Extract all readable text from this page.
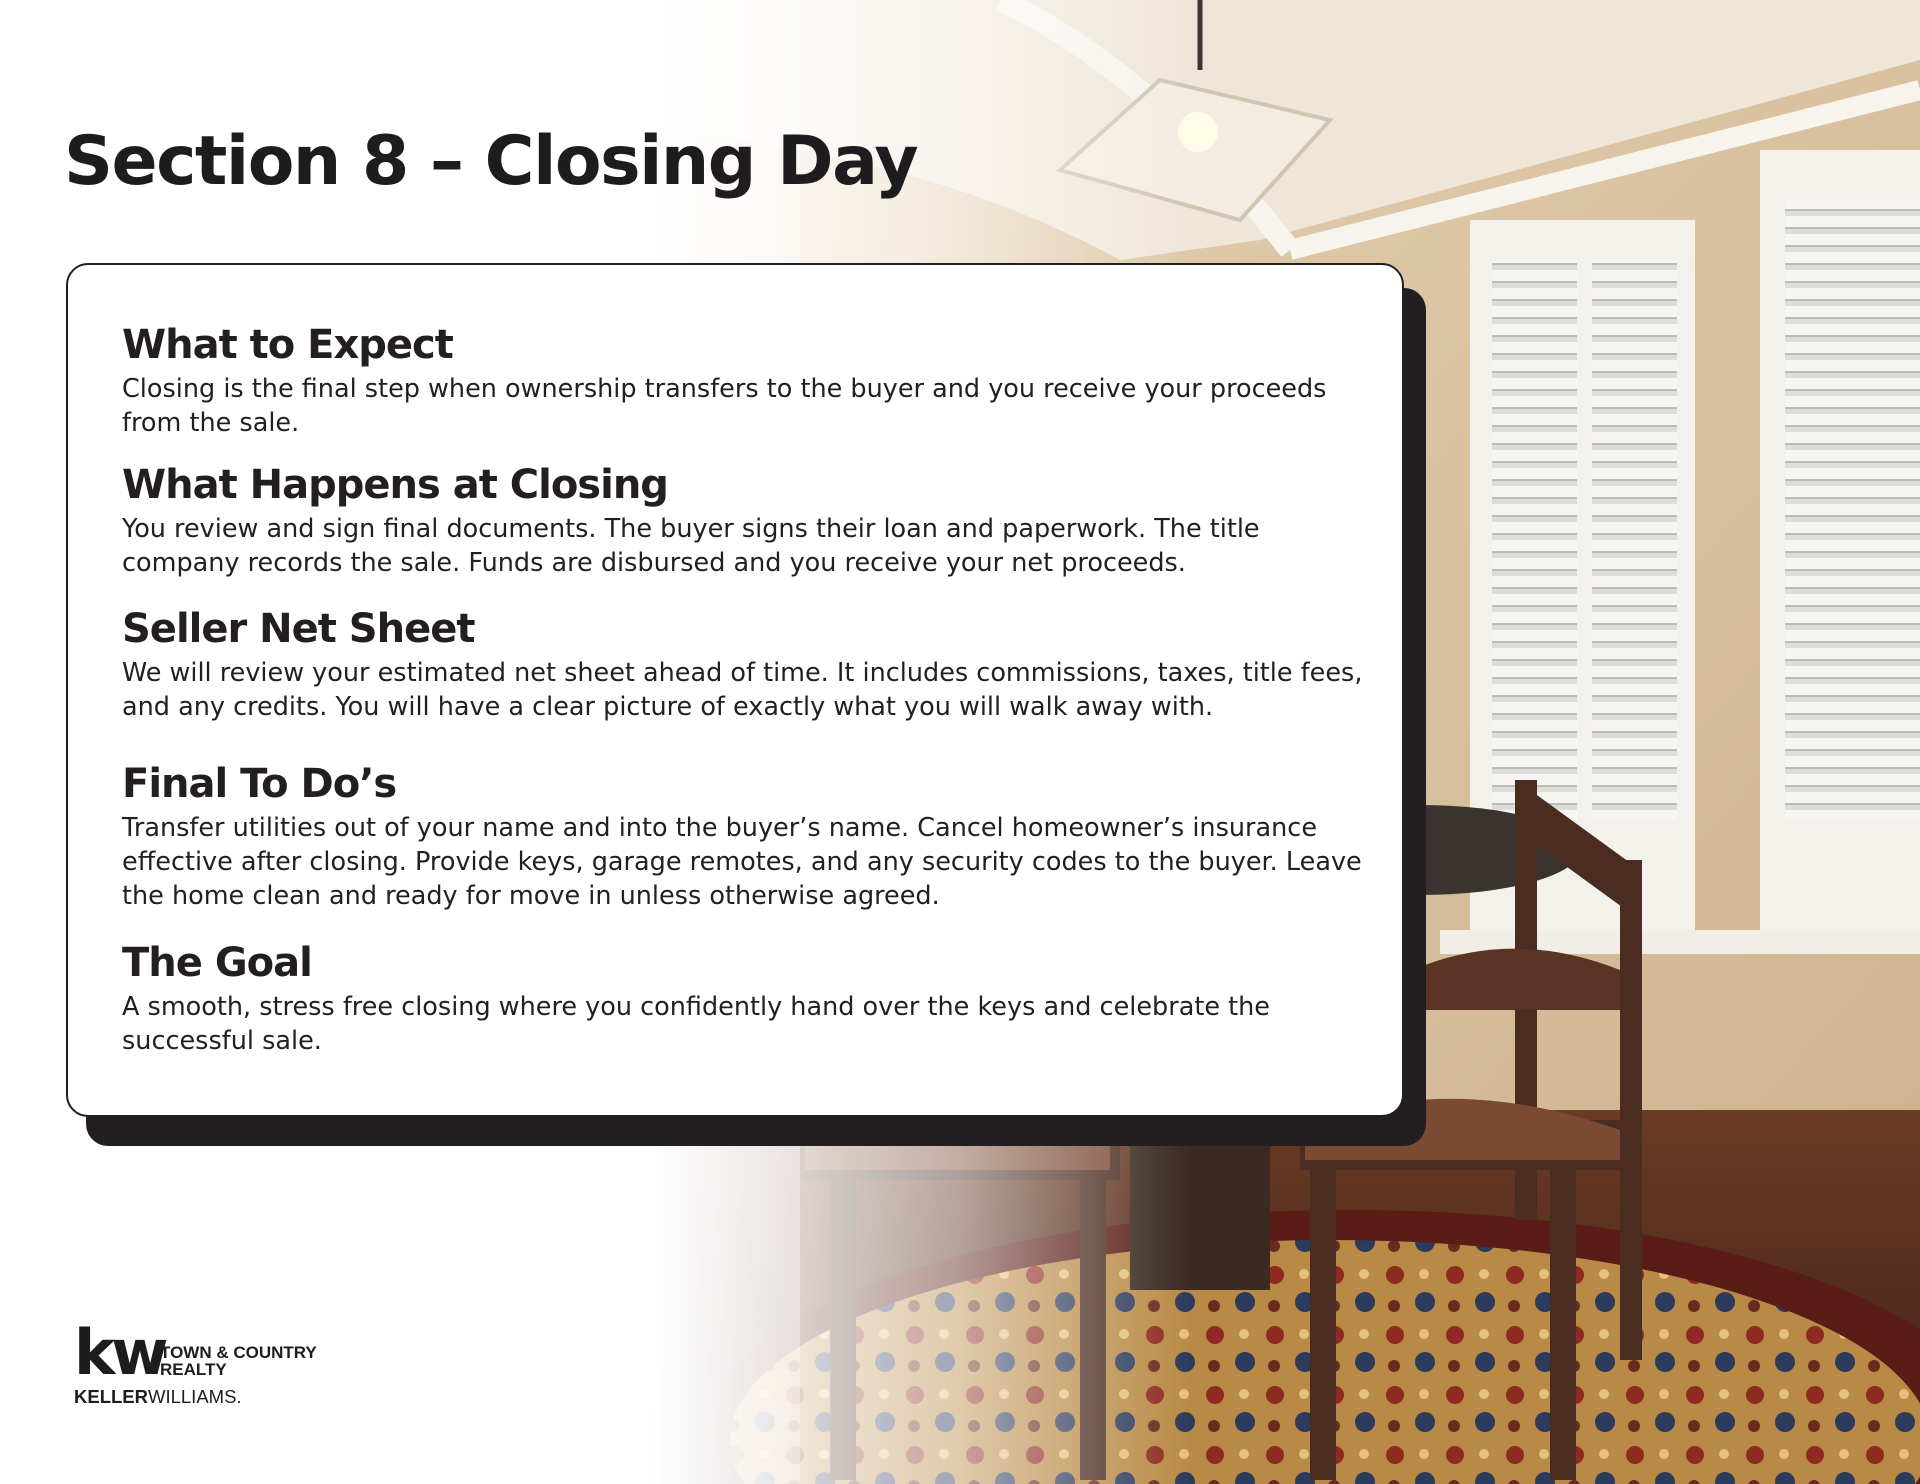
Section 8 – Closing Day
What to Expect

Closing is the final step when ownership transfers to the buyer and you receive your proceeds from the sale.

What Happens at Closing

You review and sign final documents. The buyer signs their loan and paperwork. The title company records the sale. Funds are disbursed and you receive your net proceeds.

Seller Net Sheet

We will review your estimated net sheet ahead of time. It includes commissions, taxes, title fees, and any credits. You will have a clear picture of exactly what you will walk away with.

Final To Do’s

Transfer utilities out of your name and into the buyer’s name. Cancel homeowner’s insurance effective after closing. Provide keys, garage remotes, and any security codes to the buyer. Leave the home clean and ready for move in unless otherwise agreed.

The Goal

A smooth, stress free closing where you confidently hand over the keys and celebrate the successful sale.

kw
TOWN & COUNTRY
REALTY
KELLERWILLIAMS.
